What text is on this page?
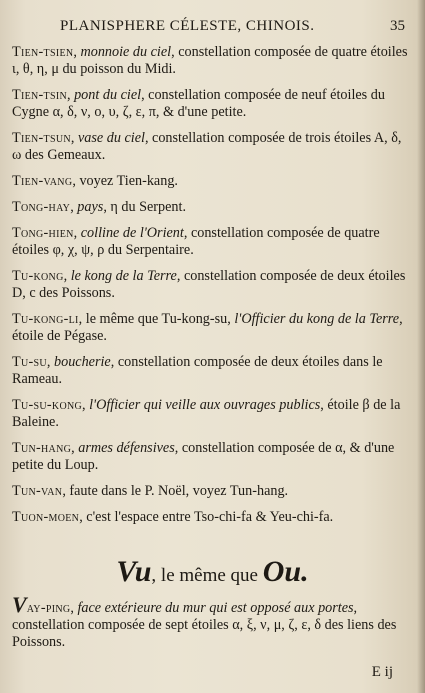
PLANISPHERE CÉLESTE, CHINOIS.	35

Tien-tsien, monnoie du ciel, constellation composée de quatre étoiles ι, θ, η, μ du poisson du Midi.

Tien-tsin, pont du ciel, constellation composée de neuf étoiles du Cygne α, δ, ν, ο, υ, ζ, ε, π, & d'une petite.

Tien-tsun, vase du ciel, constellation composée de trois étoiles A, δ, ω des Gemeaux.

Tien-vang, voyez Tien-kang.

Tong-hay, pays, η du Serpent.

Tong-hien, colline de l'Orient, constellation composée de quatre étoiles φ, χ, ψ, ρ du Serpentaire.

Tu-kong, le kong de la Terre, constellation composée de deux étoiles D, c des Poissons.

Tu-kong-li, le même que Tu-kong-su, l'Officier du kong de la Terre, étoile de Pégase.

Tu-su, boucherie, constellation composée de deux étoiles dans le Rameau.

Tu-su-kong, l'Officier qui veille aux ouvrages publics, étoile β de la Baleine.

Tun-hang, armes défensives, constellation composée de α, & d'une petite du Loup.

Tun-van, faute dans le P. Noël, voyez Tun-hang.

Tuon-moen, c'est l'espace entre Tso-chi-fa & Yeu-chi-fa.

Vu, le même que Ou.

Vay-ping, face extérieure du mur qui est opposé aux portes, constellation composée de sept étoiles α, ξ, ν, μ, ζ, ε, δ des liens des Poissons.

E ij
